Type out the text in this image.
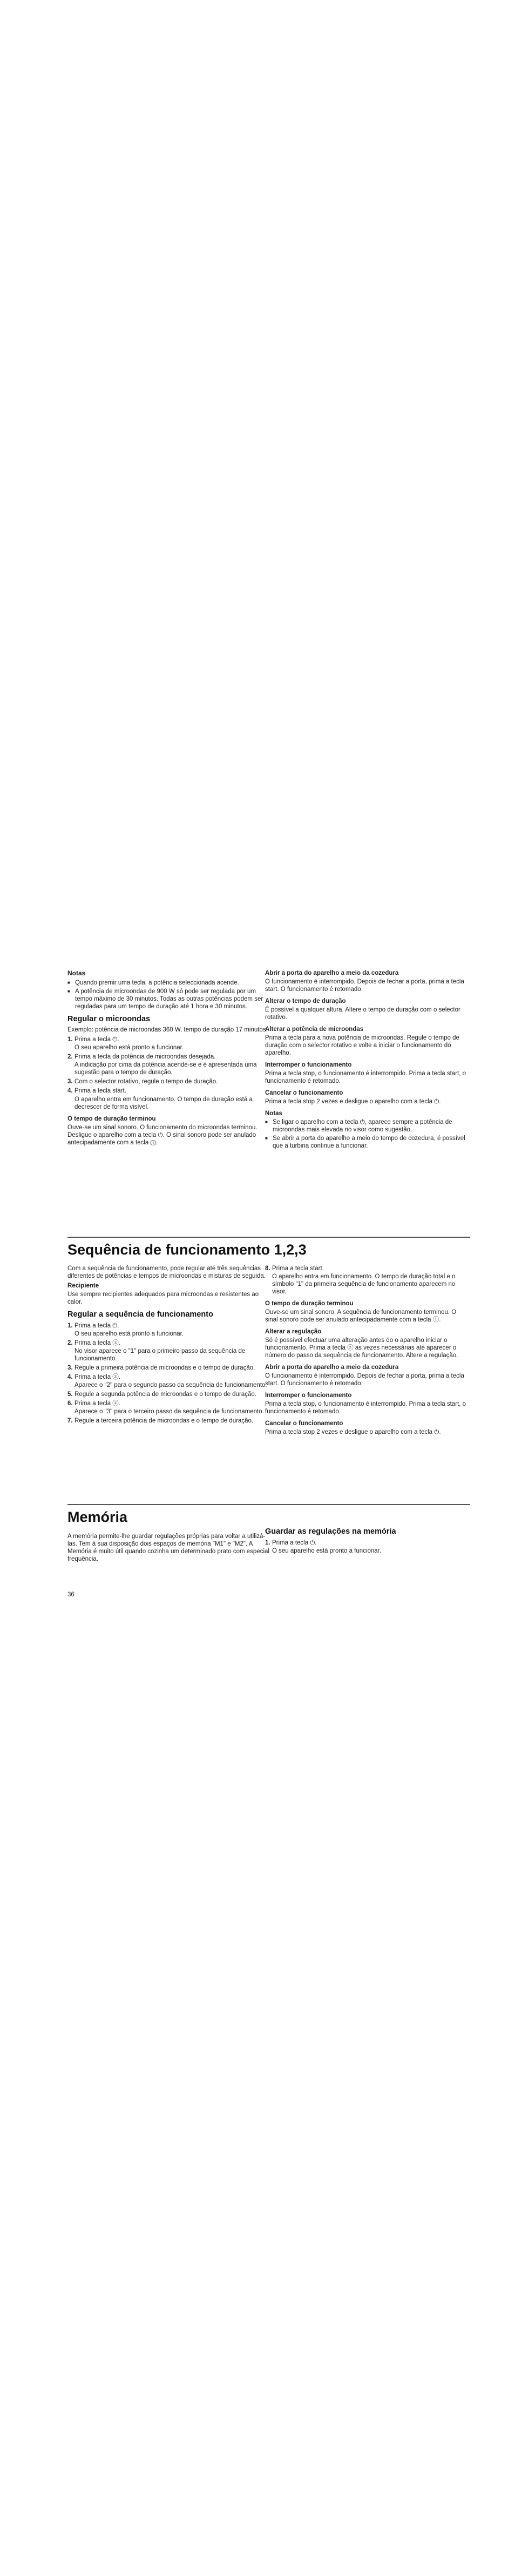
Notas
■ Quando premir uma tecla, a potência seleccionada acende.
■ A potência de microondas de 900 W só pode ser regulada por um tempo máximo de 30 minutos. Todas as outras potências podem ser reguladas para um tempo de duração até 1 hora e 30 minutos.
Regular o microondas

Exemplo: potência de microondas 360 W, tempo de duração 17 minutos.

1. Prima a tecla ⏻.
O seu aparelho está pronto a funcionar.
2. Prima a tecla da potência de microondas desejada.
A indicação por cima da potência acende-se e é apresentada uma sugestão para o tempo de duração.
3. Com o selector rotativo, regule o tempo de duração.
4. Prima a tecla start.
O aparelho entra em funcionamento. O tempo de duração está a decrescer de forma visível.
O tempo de duração terminou

Ouve-se um sinal sonoro. O funcionamento do microondas terminou. Desligue o aparelho com a tecla ⏻. O sinal sonoro pode ser anulado antecipadamente com a tecla ⓘ.

Abrir a porta do aparelho a meio da cozedura

O funcionamento é interrompido. Depois de fechar a porta, prima a tecla start. O funcionamento é retomado.

Alterar o tempo de duração

É possível a qualquer altura. Altere o tempo de duração com o selector rotativo.

Alterar a potência de microondas

Prima a tecla para a nova potência de microondas. Regule o tempo de duração com o selector rotativo e volte a iniciar o funcionamento do aparelho.

Interromper o funcionamento

Prima a tecla stop, o funcionamento é interrompido. Prima a tecla start, o funcionamento é retomado.

Cancelar o funcionamento

Prima a tecla stop 2 vezes e desligue o aparelho com a tecla ⏻.

Notas
■ Se ligar o aparelho com a tecla ⏻, aparece sempre a potência de microondas mais elevada no visor como sugestão.
■ Se abrir a porta do aparelho a meio do tempo de cozedura, é possível que a turbina continue a funcionar.
Sequência de funcionamento 1,2,3

Com a sequência de funcionamento, pode regular até três sequências diferentes de potências e tempos de microondas e misturas de seguida.

Recipiente

Use sempre recipientes adequados para microondas e resistentes ao calor.

Regular a sequência de funcionamento
1. Prima a tecla ⏻.
O seu aparelho está pronto a funcionar.
2. Prima a tecla ⓩ.
No visor aparece o "1" para o primeiro passo da sequência de funcionamento.
3. Regule a primeira potência de microondas e o tempo de duração.
4. Prima a tecla ⓩ.
Aparece o "2" para o segundo passo da sequência de funcionamento.
5. Regule a segunda potência de microondas e o tempo de duração.
6. Prima a tecla ⓩ.
Aparece o "3" para o terceiro passo da sequência de funcionamento.
7. Regule a terceira potência de microondas e o tempo de duração.
8. Prima a tecla start.
O aparelho entra em funcionamento. O tempo de duração total e o símbolo "1" da primeira sequência de funcionamento aparecem no visor.
O tempo de duração terminou

Ouve-se um sinal sonoro. A sequência de funcionamento terminou. O sinal sonoro pode ser anulado antecipadamente com a tecla ⓘ.

Alterar a regulação

Só é possível efectuar uma alteração antes do o aparelho iniciar o funcionamento. Prima a tecla ⓩ as vezes necessárias até aparecer o número do passo da sequência de funcionamento. Altere a regulação.

Abrir a porta do aparelho a meio da cozedura

O funcionamento é interrompido. Depois de fechar a porta, prima a tecla start. O funcionamento é retomado.

Interromper o funcionamento

Prima a tecla stop, o funcionamento é interrompido. Prima a tecla start, o funcionamento é retomado.

Cancelar o funcionamento

Prima a tecla stop 2 vezes e desligue o aparelho com a tecla ⏻.

Memória

A memória permite-lhe guardar regulações próprias para voltar a utilizá-las. Tem à sua disposição dois espaços de memória "M1" e "M2". A Memória é muito útil quando cozinha um determinado prato com especial frequência.

Guardar as regulações na memória
1. Prima a tecla ⏻.
O seu aparelho está pronto a funcionar.
36
